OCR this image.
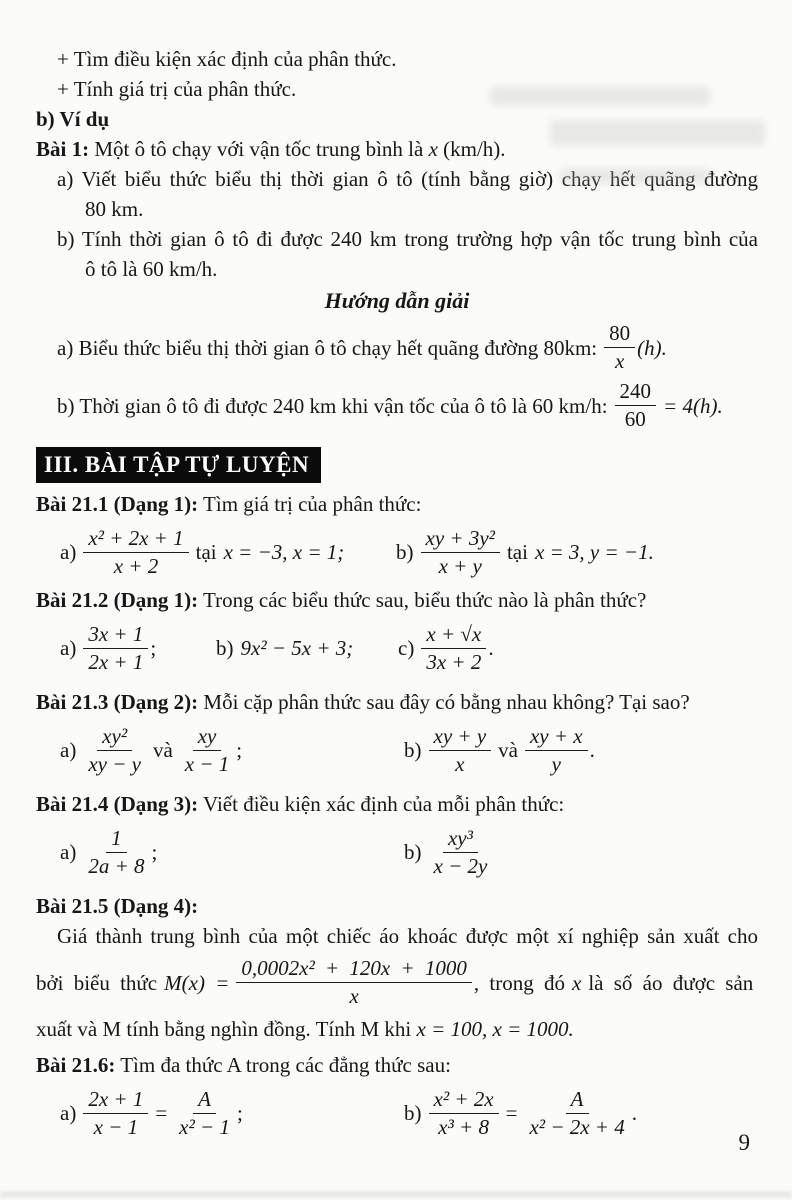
+ Tìm điều kiện xác định của phân thức.
+ Tính giá trị của phân thức.
b) Ví dụ
Bài 1: Một ô tô chạy với vận tốc trung bình là x (km/h).
a) Viết biểu thức biểu thị thời gian ô tô (tính bằng giờ) chạy hết quãng đường
80 km.
b) Tính thời gian ô tô đi được 240 km trong trường hợp vận tốc trung bình của
ô tô là 60 km/h.
Hướng dẫn giải
a) Biểu thức biểu thị thời gian ô tô chạy hết quãng đường 80km: $\frac{80}{x} (h)$.
b) Thời gian ô tô đi được 240 km khi vận tốc của ô tô là 60 km/h: $\frac{240}{60} = 4(h)$.
III. BÀI TẬP TỰ LUYỆN
Bài 21.1 (Dạng 1): Tìm giá trị của phân thức:
$a) \frac{\text{x² + 2x + 1}}{x + 2}$ tại x = −3, x = 1; $b) \frac{\text{xy + 3y²}}{x + y}$ tại x = 3, y = −1.
Bài 21.2 (Dạng 1): Trong các biểu thức sau, biểu thức nào là phân thức?
$a) \frac{3x + 1}{2x + 1}$ ;	b) 9x² − 5x + 3; $c) \frac{x + √x}{3x + 2}$ .
Bài 21.3 (Dạng 2): Mỗi cặp phân thức sau đây có bằng nhau không? Tại sao?
$a) \frac{\text{xy²}}{xy - y}$ và $\frac{xy}{x - 1}$ ;	$b) \frac{xy + y}{x}$ và $\frac{xy + x}{y}$ .
Bài 21.4 (Dạng 3): Viết điều kiện xác định của mỗi phân thức:
$a) \frac{1}{2a + 8}$ ;	$b) \frac{\text{xy³}}{x - 2y}$
Bài 21.5 (Dạng 4):
Giá thành trung bình của một chiếc áo khoác được một xí nghiệp sản xuất cho
bởi biểu thức $M(x) = \frac{\text{0,0002x² + 120x + 1000}}{x}$ , trong đó x là số áo được sản
xuất và M tính bằng nghìn đồng. Tính M khi x = 100, x = 1000.
Bài 21.6: Tìm đa thức A trong các đẳng thức sau:
$a) \frac{2x + 1}{x - 1} = \frac{A}{\text{x² − 1}}$ ;	$b) \frac{\text{x² + 2x}}{\text{x³ + 8}} = \frac{A}{\text{x² − 2x + 4}}$ .
9
